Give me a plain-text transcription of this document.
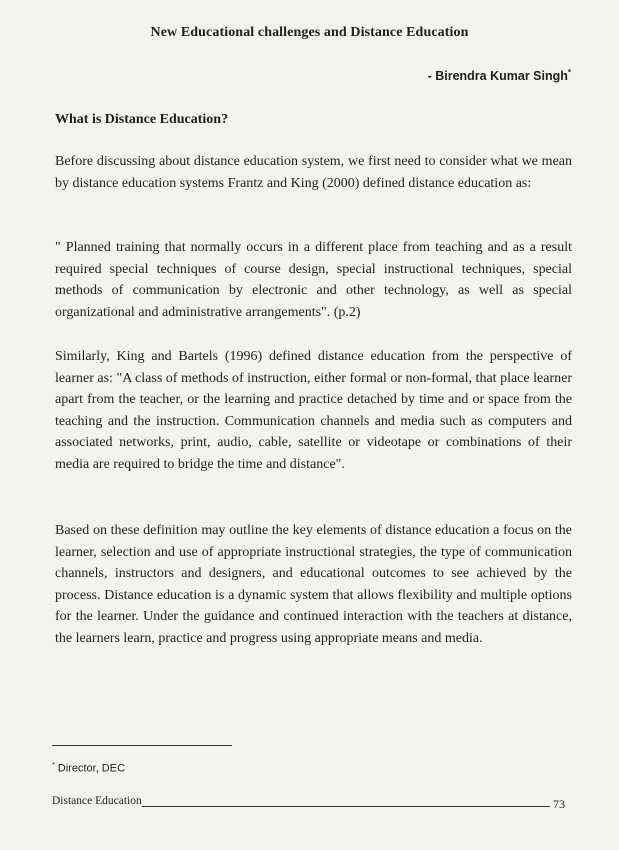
New Educational challenges and Distance Education
- Birendra Kumar Singh*
What is Distance Education?

Before discussing about distance education system, we first need to consider what we mean by distance education systems Frantz and King (2000) defined distance education as:

" Planned training that normally occurs in a different place from teaching and as a result required special techniques of course design, special instructional techniques, special methods of communication by electronic and other technology, as well as special organizational and administrative arrangements". (p.2)

Similarly, King and Bartels (1996) defined distance education from the perspective of learner as: "A class of methods of instruction, either formal or non-formal, that place learner apart from the teacher, or the learning and practice detached by time and or space from the teaching and the instruction. Communication channels and media such as computers and associated networks, print, audio, cable, satellite or videotape or combinations of their media are required to bridge the time and distance".

Based on these definition may outline the key elements of distance education a focus on the learner, selection and use of appropriate instructional strategies, the type of communication channels, instructors and designers, and educational outcomes to see achieved by the process. Distance education is a dynamic system that allows flexibility and multiple options for the learner. Under the guidance and continued interaction with the teachers at distance, the learners learn, practice and progress using appropriate means and media.

* Director, DEC
Distance Education	73
